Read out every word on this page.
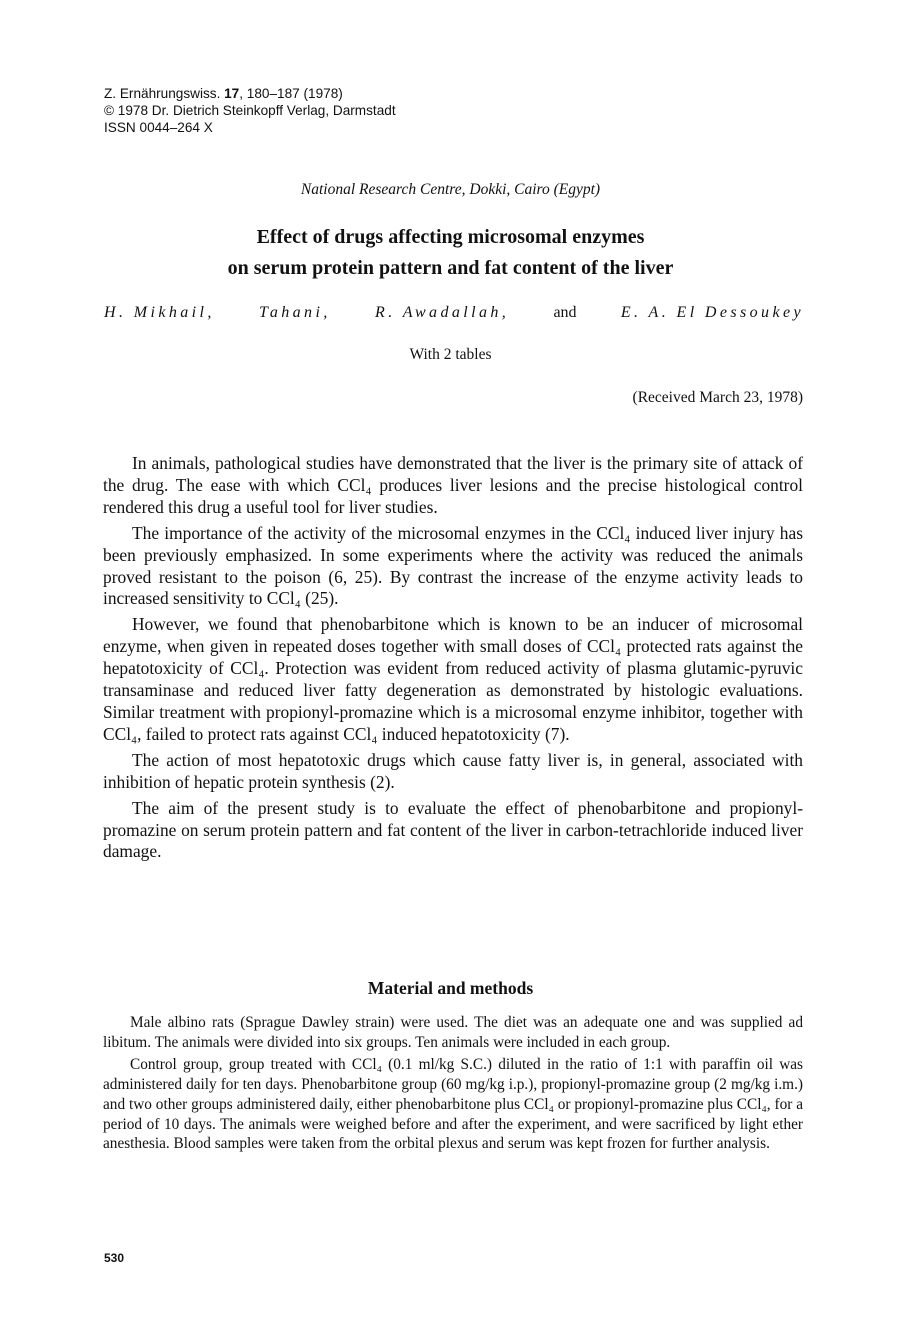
Z. Ernährungswiss. 17, 180–187 (1978)
© 1978 Dr. Dietrich Steinkopff Verlag, Darmstadt
ISSN 0044–264 X
National Research Centre, Dokki, Cairo (Egypt)
Effect of drugs affecting microsomal enzymes
on serum protein pattern and fat content of the liver
H. Mikhail,	Tahani,	R. Awadallah,	and	E. A. El Dessoukey
With 2 tables
(Received March 23, 1978)

In animals, pathological studies have demonstrated that the liver is the primary site of attack of the drug. The ease with which CCl₄ produces liver lesions and the precise histological control rendered this drug a useful tool for liver studies.

The importance of the activity of the microsomal enzymes in the CCl₄ induced liver injury has been previously emphasized. In some experiments where the activity was reduced the animals proved resistant to the poison (6, 25). By contrast the increase of the enzyme activity leads to increased sensitivity to CCl₄ (25).

However, we found that phenobarbitone which is known to be an inducer of microsomal enzyme, when given in repeated doses together with small doses of CCl₄ protected rats against the hepatotoxicity of CCl₄. Protection was evident from reduced activity of plasma glutamic-pyruvic transaminase and reduced liver fatty degeneration as demonstrated by histologic evaluations. Similar treatment with propionyl-promazine which is a microsomal enzyme inhibitor, together with CCl₄, failed to protect rats against CCl₄ induced hepatotoxicity (7).

The action of most hepatotoxic drugs which cause fatty liver is, in general, associated with inhibition of hepatic protein synthesis (2).

The aim of the present study is to evaluate the effect of phenobarbitone and propionyl-promazine on serum protein pattern and fat content of the liver in carbon-tetrachloride induced liver damage.

Material and methods

Male albino rats (Sprague Dawley strain) were used. The diet was an adequate one and was supplied ad libitum. The animals were divided into six groups. Ten animals were included in each group.

Control group, group treated with CCl₄ (0.1 ml/kg S.C.) diluted in the ratio of 1:1 with paraffin oil was administered daily for ten days. Phenobarbitone group (60 mg/kg i.p.), propionyl-promazine group (2 mg/kg i.m.) and two other groups administered daily, either phenobarbitone plus CCl₄ or propionyl-promazine plus CCl₄, for a period of 10 days. The animals were weighed before and after the experiment, and were sacrificed by light ether anesthesia. Blood samples were taken from the orbital plexus and serum was kept frozen for further analysis.

530
